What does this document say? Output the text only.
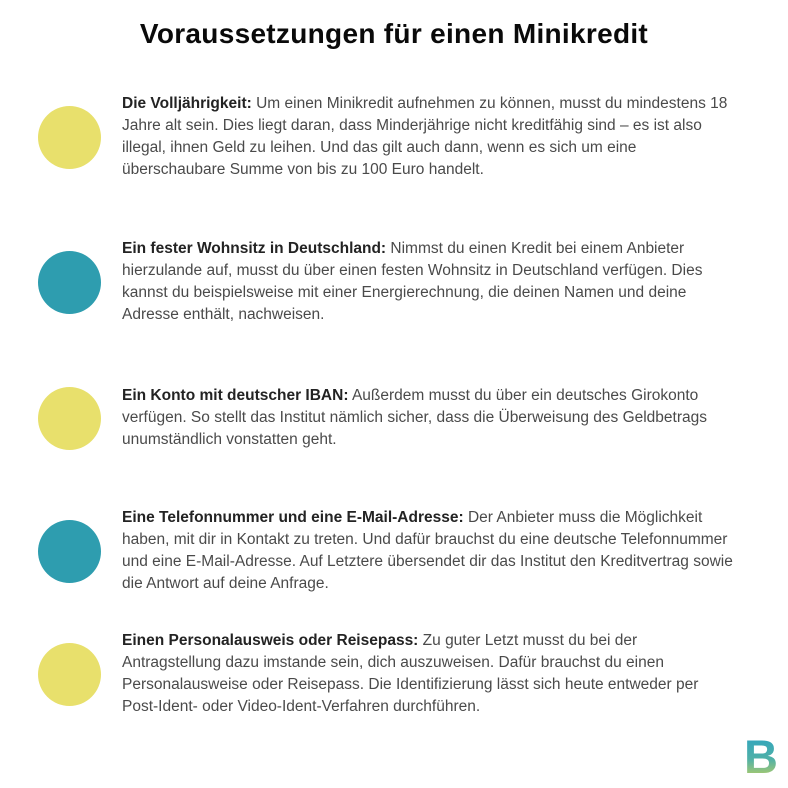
Voraussetzungen für einen Minikredit

Die Volljährigkeit: Um einen Minikredit aufnehmen zu können, musst du mindestens 18 Jahre alt sein. Dies liegt daran, dass Minderjährige nicht kreditfähig sind – es ist also illegal, ihnen Geld zu leihen. Und das gilt auch dann, wenn es sich um eine überschaubare Summe von bis zu 100 Euro handelt.

Ein fester Wohnsitz in Deutschland: Nimmst du einen Kredit bei einem Anbieter hierzulande auf, musst du über einen festen Wohnsitz in Deutschland verfügen. Dies kannst du beispielsweise mit einer Energierechnung, die deinen Namen und deine Adresse enthält, nachweisen.

Ein Konto mit deutscher IBAN: Außerdem musst du über ein deutsches Girokonto verfügen. So stellt das Institut nämlich sicher, dass die Überweisung des Geldbetrags unumständlich vonstatten geht.

Eine Telefonnummer und eine E-Mail-Adresse: Der Anbieter muss die Möglichkeit haben, mit dir in Kontakt zu treten. Und dafür brauchst du eine deutsche Telefonnummer und eine E-Mail-Adresse. Auf Letztere übersendet dir das Institut den Kreditvertrag sowie die Antwort auf deine Anfrage.

Einen Personalausweis oder Reisepass: Zu guter Letzt musst du bei der Antragstellung dazu imstande sein, dich auszuweisen. Dafür brauchst du einen Personalausweise oder Reisepass. Die Identifizierung lässt sich heute entweder per Post-Ident- oder Video-Ident-Verfahren durchführen.

B
